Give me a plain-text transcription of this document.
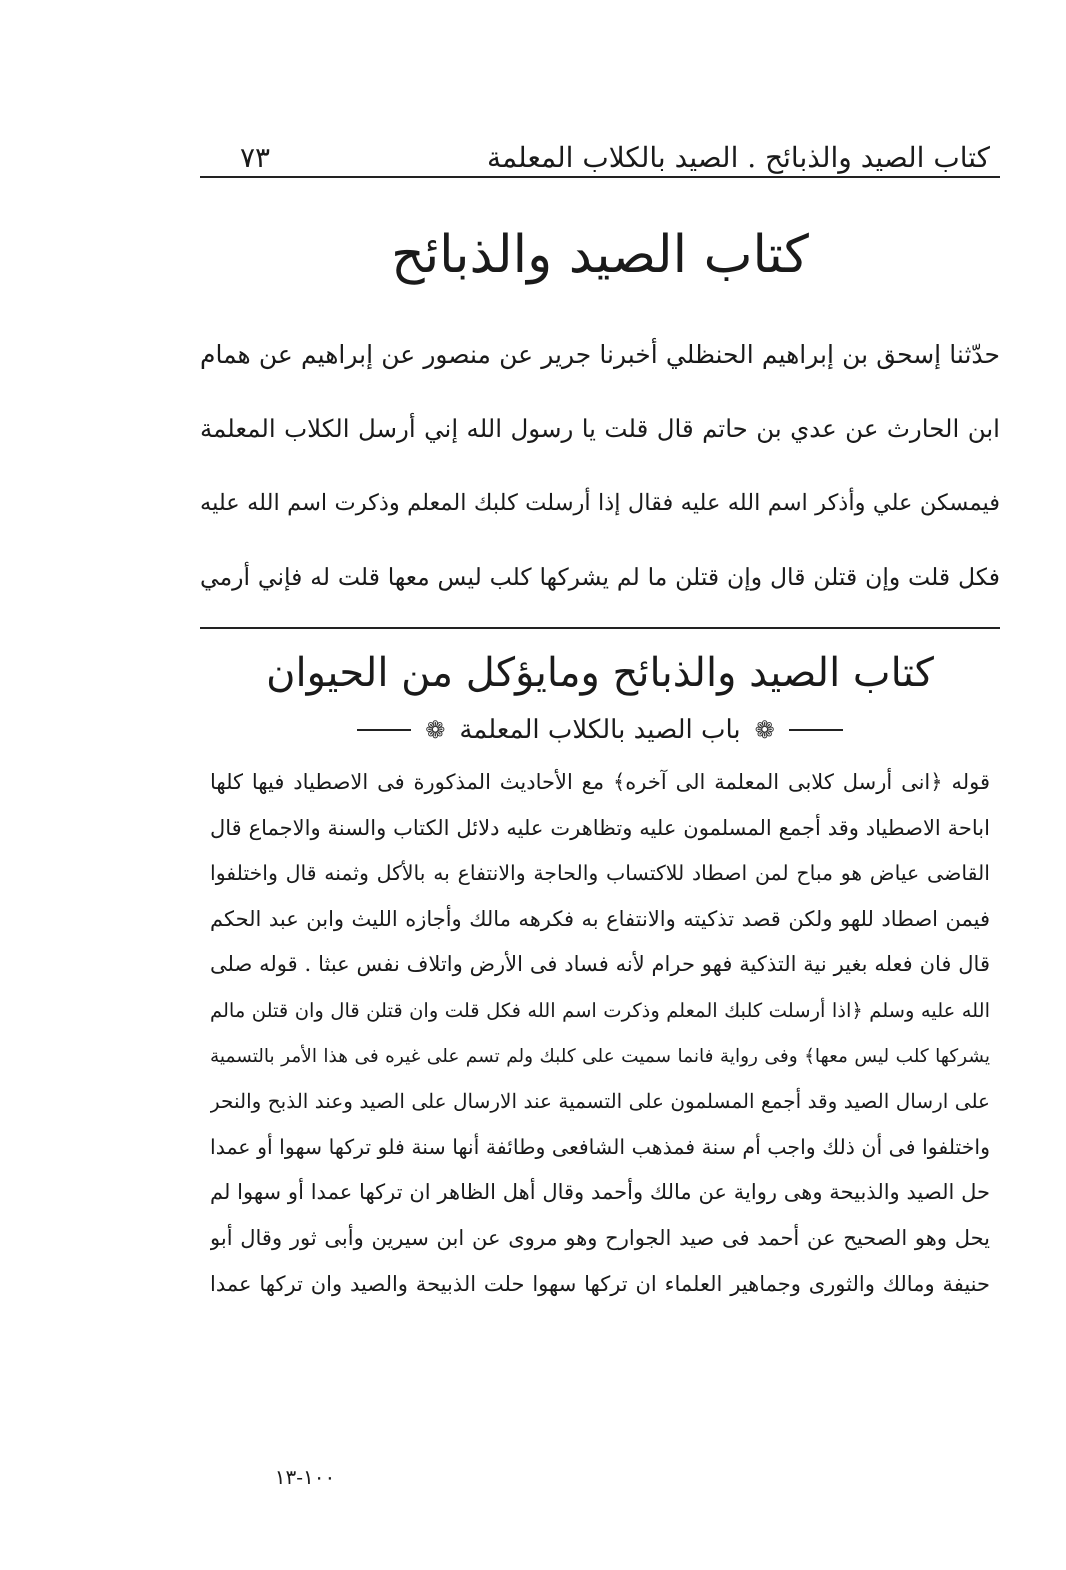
٧٣	كتاب الصيد والذبائح . الصيد بالكلاب المعلمة
كتاب الصيد والذبائح
حدّثنا إسحق بن إبراهيم الحنظلي أخبرنا جرير عن منصور عن إبراهيم عن همام
ابن الحارث عن عدي بن حاتم قال قلت يا رسول الله إني أرسل الكلاب المعلمة
فيمسكن علي وأذكر اسم الله عليه فقال إذا أرسلت كلبك المعلم وذكرت اسم الله عليه
فكل قلت وإن قتلن قال وإن قتلن ما لم يشركها كلب ليس معها قلت له فإني أرمي
كتاب الصيد والذبائح ومايؤكل من الحيوان
❁
باب الصيد بالكلاب المعلمة
❁
قوله ﴿انى أرسل كلابى المعلمة الى آخره﴾ مع الأحاديث المذكورة فى الاصطياد فيها كلها
اباحة الاصطياد وقد أجمع المسلمون عليه وتظاهرت عليه دلائل الكتاب والسنة والاجماع قال
القاضى عياض هو مباح لمن اصطاد للاكتساب والحاجة والانتفاع به بالأكل وثمنه قال واختلفوا
فيمن اصطاد للهو ولكن قصد تذكيته والانتفاع به فكرهه مالك وأجازه الليث وابن عبد الحكم
قال فان فعله بغير نية التذكية فهو حرام لأنه فساد فى الأرض واتلاف نفس عبثا . قوله صلى
الله عليه وسلم ﴿اذا أرسلت كلبك المعلم وذكرت اسم الله فكل قلت وان قتلن قال وان قتلن مالم
يشركها كلب ليس معها﴾ وفى رواية فانما سميت على كلبك ولم تسم على غيره فى هذا الأمر بالتسمية
على ارسال الصيد وقد أجمع المسلمون على التسمية عند الارسال على الصيد وعند الذبح والنحر
واختلفوا فى أن ذلك واجب أم سنة فمذهب الشافعى وطائفة أنها سنة فلو تركها سهوا أو عمدا
حل الصيد والذبيحة وهى رواية عن مالك وأحمد وقال أهل الظاهر ان تركها عمدا أو سهوا لم
يحل وهو الصحيح عن أحمد فى صيد الجوارح وهو مروى عن ابن سيرين وأبى ثور وقال أبو
حنيفة ومالك والثورى وجماهير العلماء ان تركها سهوا حلت الذبيحة والصيد وان تركها عمدا
١٠٠-١٣
